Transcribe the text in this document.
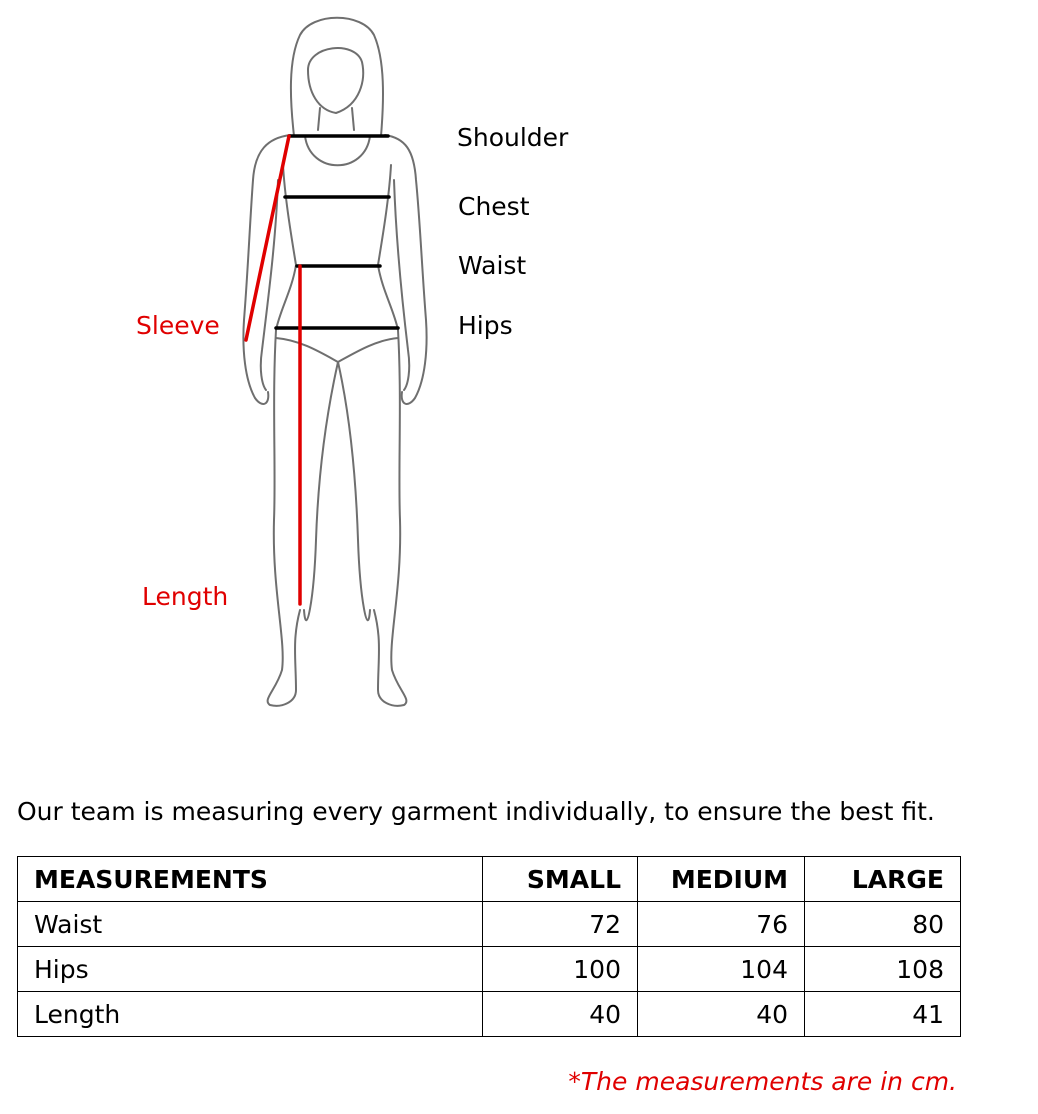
Shoulder
Chest
Waist
Hips
Sleeve
Length
Our team is measuring every garment individually, to ensure the best fit.
MEASUREMENTS	SMALL	MEDIUM	LARGE
Waist	72	76	80
Hips	100	104	108
Length	40	40	41
*The measurements are in cm.
